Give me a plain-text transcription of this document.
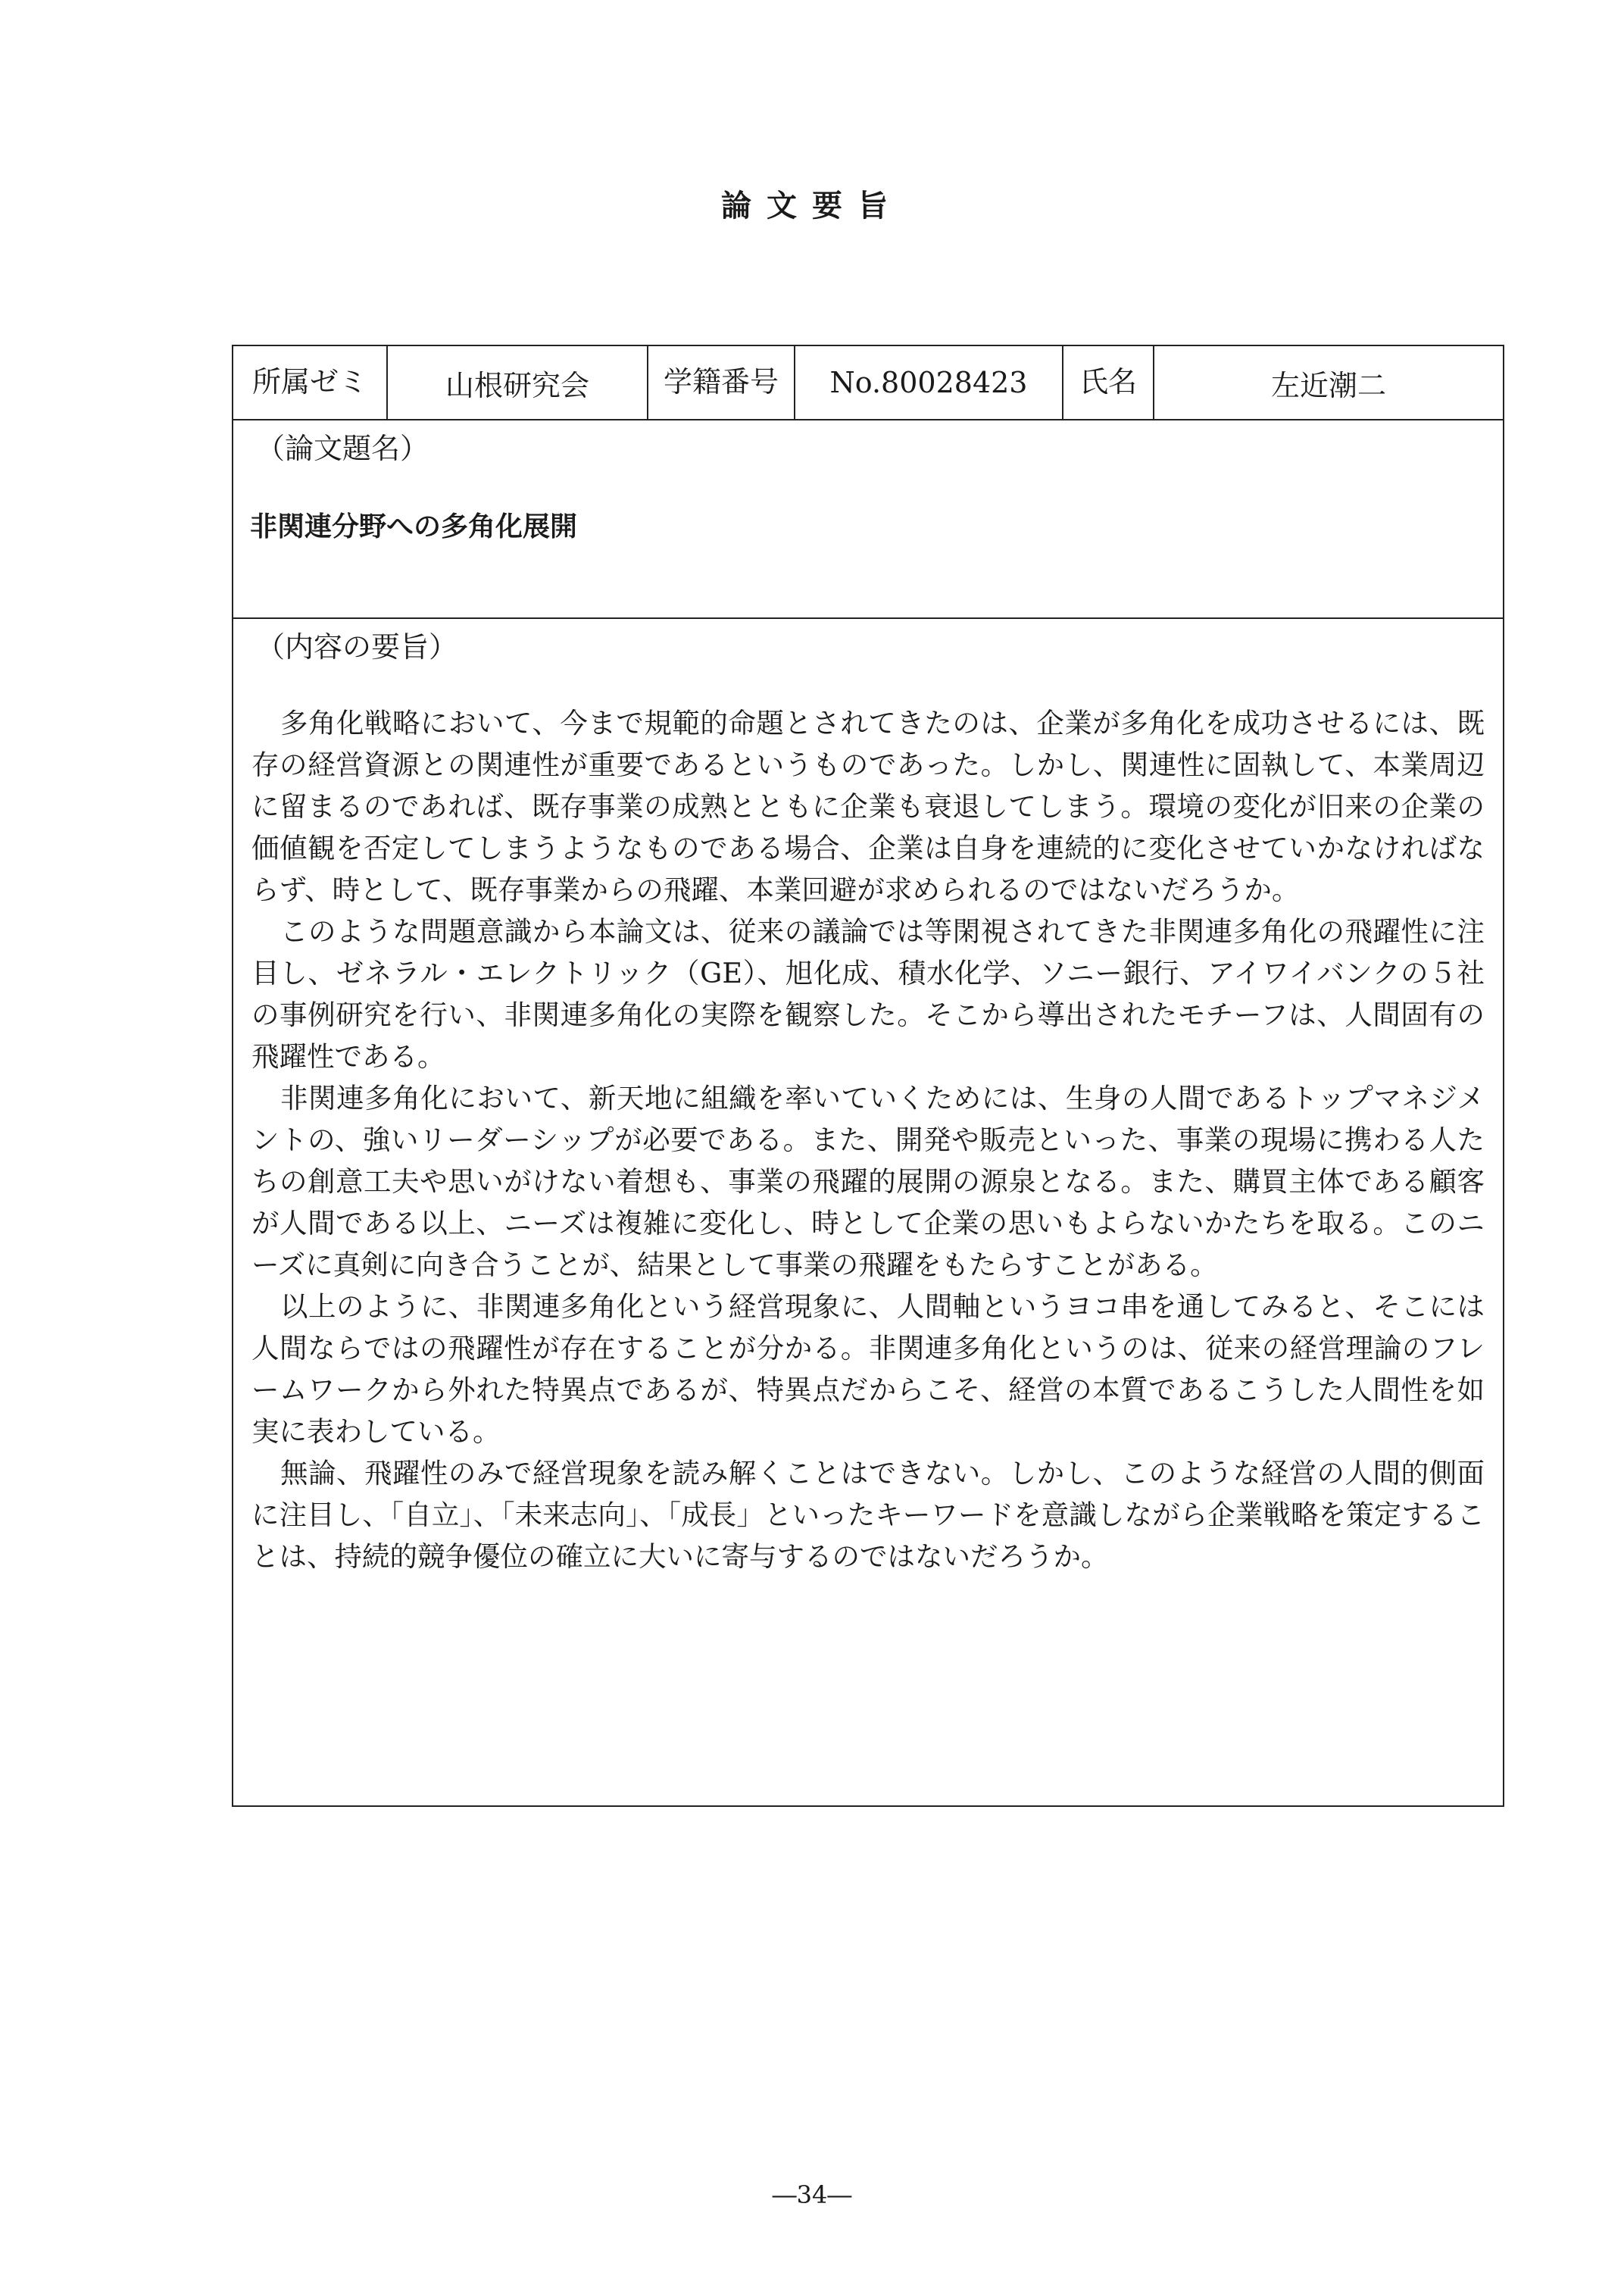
論文要旨
所属ゼミ	山根研究会	学籍番号	No.80028423	氏名	左近潮二
（論文題名）
非関連分野への多角化展開
（内容の要旨）

多角化戦略において、今まで規範的命題とされてきたのは、企業が多角化を成功させるには、既存の経営資源との関連性が重要であるというものであった。しかし、関連性に固執して、本業周辺に留まるのであれば、既存事業の成熟とともに企業も衰退してしまう。環境の変化が旧来の企業の価値観を否定してしまうようなものである場合、企業は自身を連続的に変化させていかなければならず、時として、既存事業からの飛躍、本業回避が求められるのではないだろうか。

このような問題意識から本論文は、従来の議論では等閑視されてきた非関連多角化の飛躍性に注目し、ゼネラル・エレクトリック（GE）、旭化成、積水化学、ソニー銀行、アイワイバンクの５社の事例研究を行い、非関連多角化の実際を観察した。そこから導出されたモチーフは、人間固有の飛躍性である。

非関連多角化において、新天地に組織を率いていくためには、生身の人間であるトップマネジメントの、強いリーダーシップが必要である。また、開発や販売といった、事業の現場に携わる人たちの創意工夫や思いがけない着想も、事業の飛躍的展開の源泉となる。また、購買主体である顧客が人間である以上、ニーズは複雑に変化し、時として企業の思いもよらないかたちを取る。このニーズに真剣に向き合うことが、結果として事業の飛躍をもたらすことがある。

以上のように、非関連多角化という経営現象に、人間軸というヨコ串を通してみると、そこには人間ならではの飛躍性が存在することが分かる。非関連多角化というのは、従来の経営理論のフレームワークから外れた特異点であるが、特異点だからこそ、経営の本質であるこうした人間性を如実に表わしている。

無論、飛躍性のみで経営現象を読み解くことはできない。しかし、このような経営の人間的側面に注目し、「自立」、「未来志向」、「成長」といったキーワードを意識しながら企業戦略を策定することは、持続的競争優位の確立に大いに寄与するのではないだろうか。

―34―
